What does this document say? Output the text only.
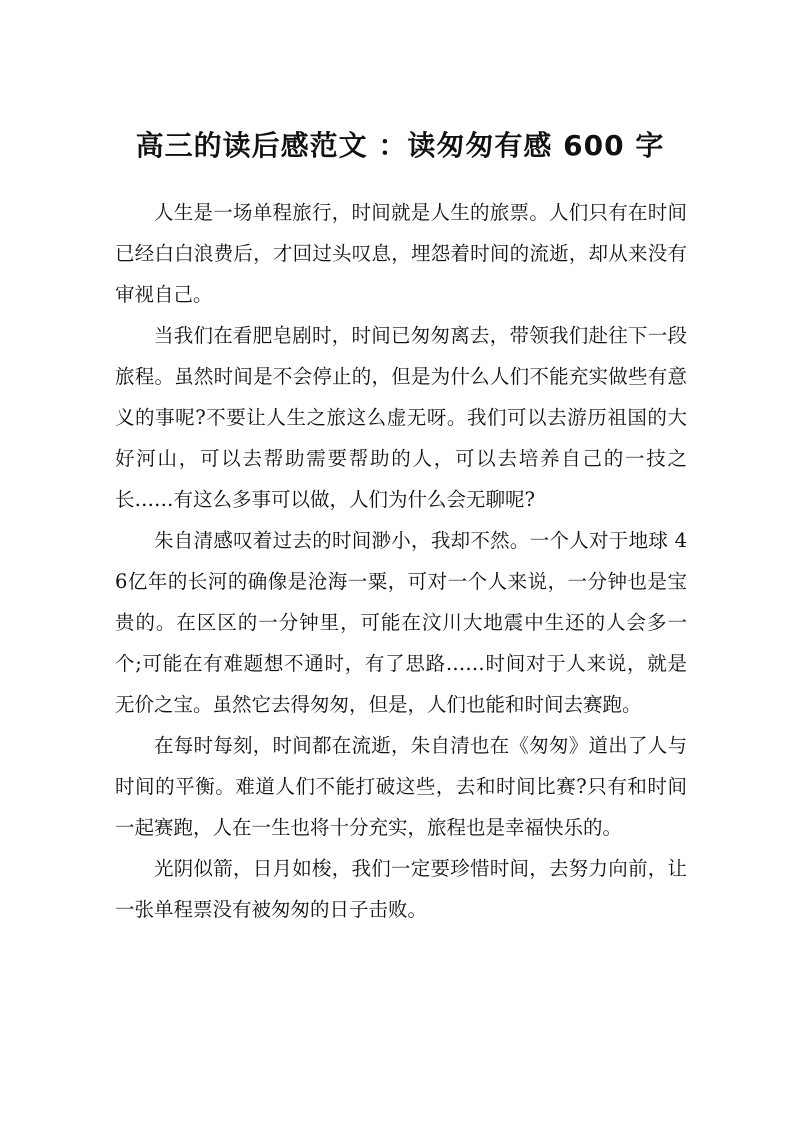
高三的读后感范文 ：读匆匆有感 600 字

人生是一场单程旅行，时间就是人生的旅票。人们只有在时间已经白白浪费后，才回过头叹息，埋怨着时间的流逝，却从来没有审视自己。

当我们在看肥皂剧时，时间已匆匆离去，带领我们赴往下一段旅程。虽然时间是不会停止的，但是为什么人们不能充实做些有意义的事呢?不要让人生之旅这么虚无呀。我们可以去游历祖国的大好河山，可以去帮助需要帮助的人，可以去培养自己的一技之长……有这么多事可以做，人们为什么会无聊呢?

朱自清感叹着过去的时间渺小，我却不然。一个人对于地球 46亿年的长河的确像是沧海一粟，可对一个人来说，一分钟也是宝贵的。在区区的一分钟里，可能在汶川大地震中生还的人会多一个;可能在有难题想不通时，有了思路……时间对于人来说，就是无价之宝。虽然它去得匆匆，但是，人们也能和时间去赛跑。

在每时每刻，时间都在流逝，朱自清也在《匆匆》道出了人与时间的平衡。难道人们不能打破这些，去和时间比赛?只有和时间一起赛跑，人在一生也将十分充实，旅程也是幸福快乐的。

光阴似箭，日月如梭，我们一定要珍惜时间，去努力向前，让一张单程票没有被匆匆的日子击败。
